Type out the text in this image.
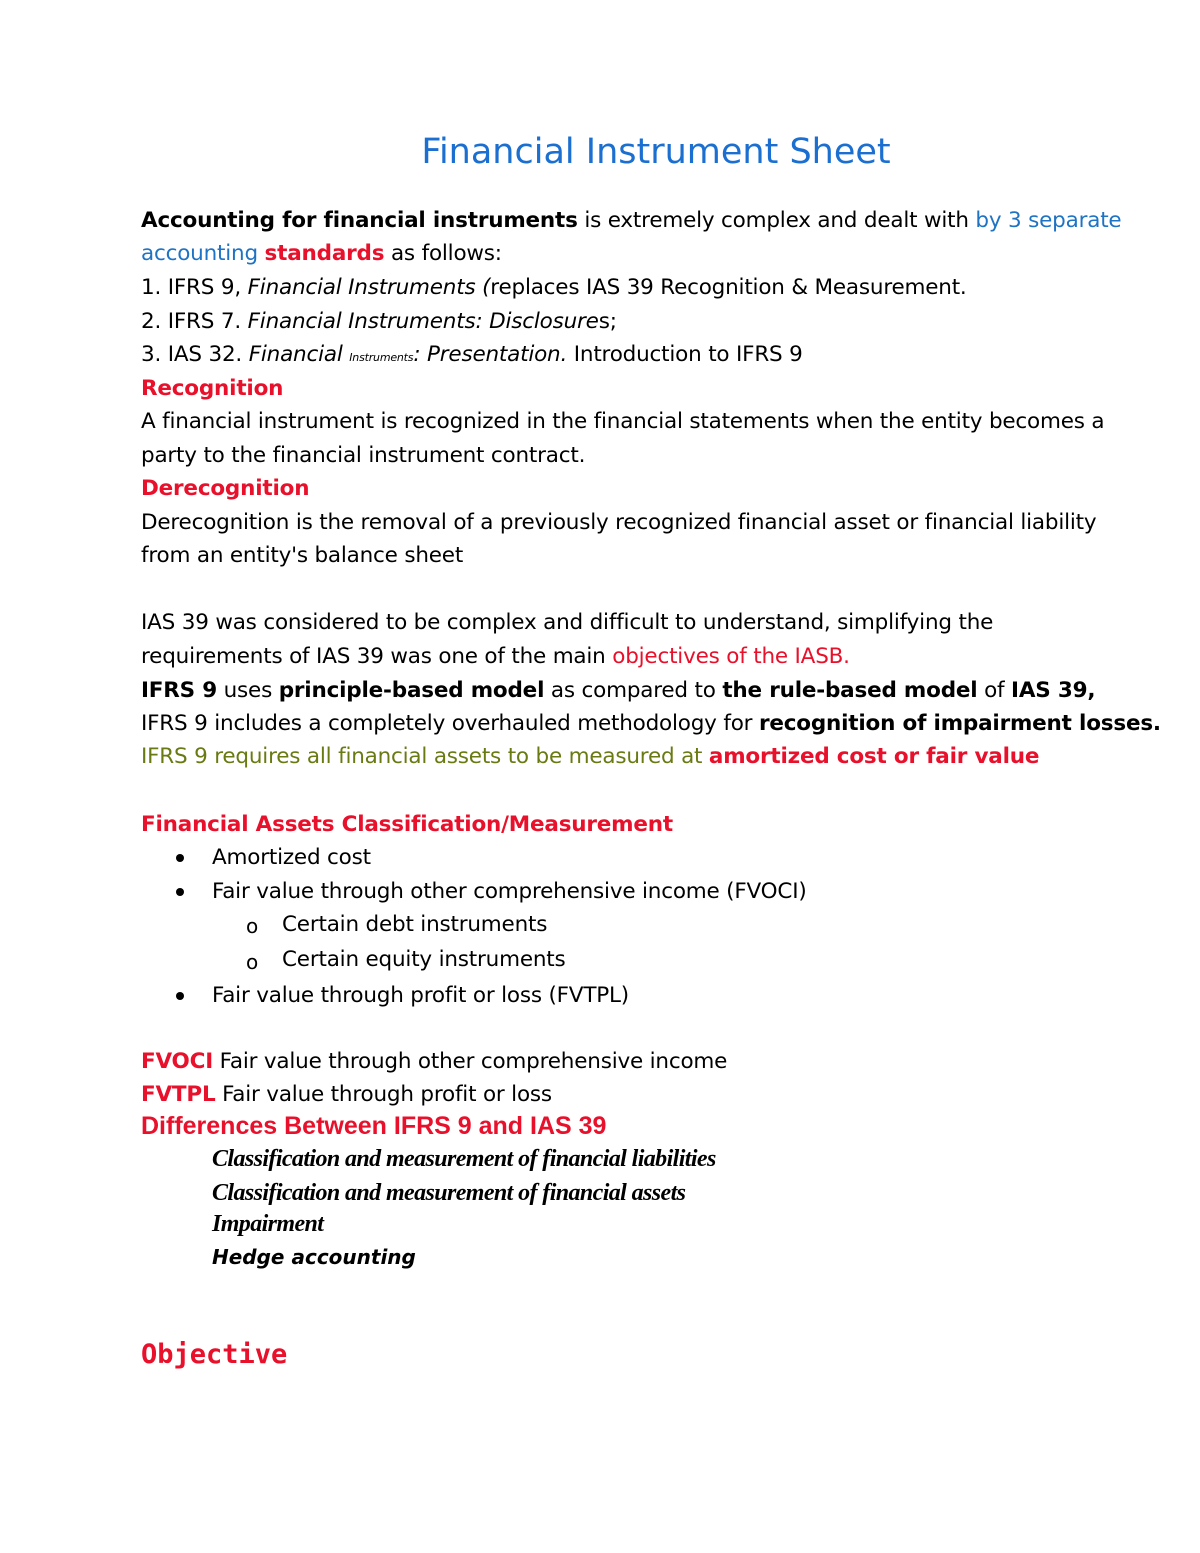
Financial Instrument Sheet
Accounting for financial instruments is extremely complex and dealt with by 3 separate
accounting standards as follows:
1. IFRS 9, Financial Instruments (replaces IAS 39 Recognition & Measurement.
2. IFRS 7. Financial Instruments: Disclosures;
3. IAS 32. Financial Instruments: Presentation. Introduction to IFRS 9
Recognition
A financial instrument is recognized in the financial statements when the entity becomes a
party to the financial instrument contract.
Derecognition
Derecognition is the removal of a previously recognized financial asset or financial liability
from an entity's balance sheet
IAS 39 was considered to be complex and difficult to understand, simplifying the
requirements of IAS 39 was one of the main objectives of the IASB.
IFRS 9 uses principle-based model as compared to the rule-based model of IAS 39,
IFRS 9 includes a completely overhauled methodology for recognition of impairment losses.
IFRS 9 requires all financial assets to be measured at amortized cost or fair value
Financial Assets Classification/Measurement
Amortized cost
Fair value through other comprehensive income (FVOCI)
o Certain debt instruments
o Certain equity instruments
Fair value through profit or loss (FVTPL)
FVOCI Fair value through other comprehensive income
FVTPL Fair value through profit or loss
Differences Between IFRS 9 and IAS 39
Classification and measurement of financial liabilities
Classification and measurement of financial assets
Impairment
Hedge accounting
Objective
